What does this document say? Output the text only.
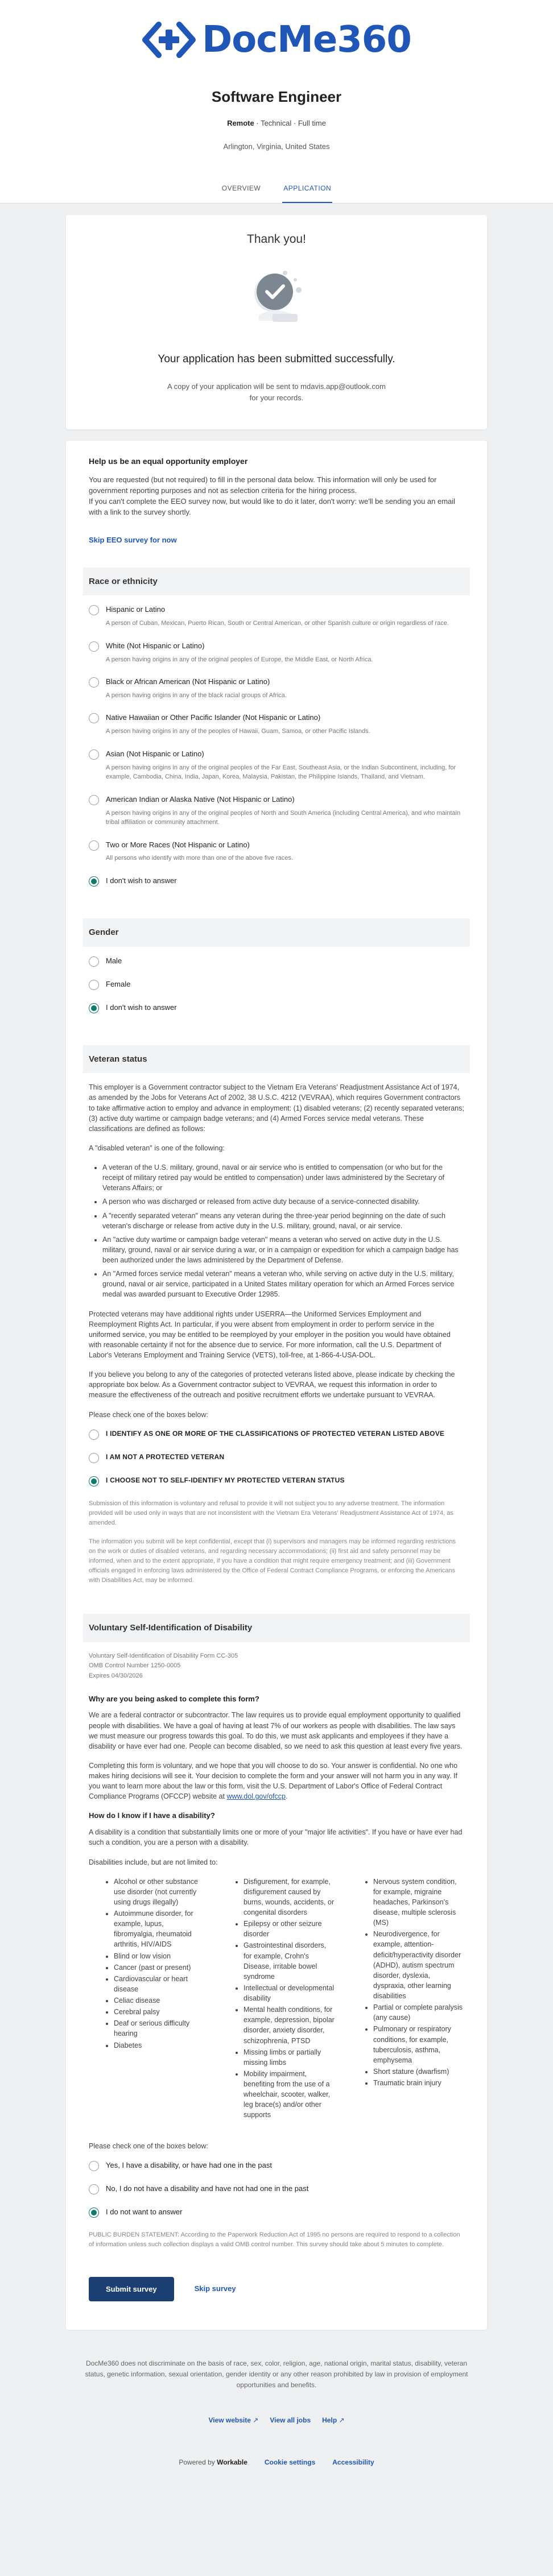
DocMe360
Software Engineer
Remote · Technical · Full time
Arlington, Virginia, United States
OVERVIEW	APPLICATION
Thank you!
Your application has been submitted successfully.

A copy of your application will be sent to mdavis.app@outlook.com
for your records.

Help us be an equal opportunity employer

You are requested (but not required) to fill in the personal data below. This information will only be used for government reporting purposes and not as selection criteria for the hiring process.

If you can't complete the EEO survey now, but would like to do it later, don't worry: we'll be sending you an email with a link to the survey shortly.

Skip EEO survey for now
Race or ethnicity
Hispanic or Latino
A person of Cuban, Mexican, Puerto Rican, South or Central American, or other Spanish culture or origin regardless of race.
White (Not Hispanic or Latino)
A person having origins in any of the original peoples of Europe, the Middle East, or North Africa.
Black or African American (Not Hispanic or Latino)
A person having origins in any of the black racial groups of Africa.
Native Hawaiian or Other Pacific Islander (Not Hispanic or Latino)
A person having origins in any of the peoples of Hawaii, Guam, Samoa, or other Pacific Islands.
Asian (Not Hispanic or Latino)
A person having origins in any of the original peoples of the Far East, Southeast Asia, or the Indian Subcontinent, including, for example, Cambodia, China, India, Japan, Korea, Malaysia, Pakistan, the Philippine Islands, Thailand, and Vietnam.
American Indian or Alaska Native (Not Hispanic or Latino)
A person having origins in any of the original peoples of North and South America (including Central America), and who maintain tribal affiliation or community attachment.
Two or More Races (Not Hispanic or Latino)
All persons who identify with more than one of the above five races.
I don't wish to answer
Gender
Male
Female
I don't wish to answer
Veteran status

This employer is a Government contractor subject to the Vietnam Era Veterans' Readjustment Assistance Act of 1974, as amended by the Jobs for Veterans Act of 2002, 38 U.S.C. 4212 (VEVRAA), which requires Government contractors to take affirmative action to employ and advance in employment: (1) disabled veterans; (2) recently separated veterans; (3) active duty wartime or campaign badge veterans; and (4) Armed Forces service medal veterans. These classifications are defined as follows:

A "disabled veteran" is one of the following:

• A veteran of the U.S. military, ground, naval or air service who is entitled to compensation (or who but for the receipt of military retired pay would be entitled to compensation) under laws administered by the Secretary of Veterans Affairs; or
• A person who was discharged or released from active duty because of a service-connected disability.
• A "recently separated veteran" means any veteran during the three-year period beginning on the date of such veteran's discharge or release from active duty in the U.S. military, ground, naval, or air service.
• An "active duty wartime or campaign badge veteran" means a veteran who served on active duty in the U.S. military, ground, naval or air service during a war, or in a campaign or expedition for which a campaign badge has been authorized under the laws administered by the Department of Defense.
• An "Armed forces service medal veteran" means a veteran who, while serving on active duty in the U.S. military, ground, naval or air service, participated in a United States military operation for which an Armed Forces service medal was awarded pursuant to Executive Order 12985.

Protected veterans may have additional rights under USERRA—the Uniformed Services Employment and Reemployment Rights Act. In particular, if you were absent from employment in order to perform service in the uniformed service, you may be entitled to be reemployed by your employer in the position you would have obtained with reasonable certainty if not for the absence due to service. For more information, call the U.S. Department of Labor's Veterans Employment and Training Service (VETS), toll-free, at 1-866-4-USA-DOL.

If you believe you belong to any of the categories of protected veterans listed above, please indicate by checking the appropriate box below. As a Government contractor subject to VEVRAA, we request this information in order to measure the effectiveness of the outreach and positive recruitment efforts we undertake pursuant to VEVRAA.

Please check one of the boxes below:

I IDENTIFY AS ONE OR MORE OF THE CLASSIFICATIONS OF PROTECTED VETERAN LISTED ABOVE
I AM NOT A PROTECTED VETERAN
I CHOOSE NOT TO SELF-IDENTIFY MY PROTECTED VETERAN STATUS
Submission of this information is voluntary and refusal to provide it will not subject you to any adverse treatment. The information provided will be used only in ways that are not inconsistent with the Vietnam Era Veterans' Readjustment Assistance Act of 1974, as amended.
The information you submit will be kept confidential, except that (i) supervisors and managers may be informed regarding restrictions on the work or duties of disabled veterans, and regarding necessary accommodations; (ii) first aid and safety personnel may be informed, when and to the extent appropriate, if you have a condition that might require emergency treatment; and (iii) Government officials engaged in enforcing laws administered by the Office of Federal Contract Compliance Programs, or enforcing the Americans with Disabilities Act, may be informed.
Voluntary Self-Identification of Disability
Voluntary Self-Identification of Disability Form CC-305
OMB Control Number 1250-0005
Expires 04/30/2026
Why are you being asked to complete this form?

We are a federal contractor or subcontractor. The law requires us to provide equal employment opportunity to qualified people with disabilities. We have a goal of having at least 7% of our workers as people with disabilities. The law says we must measure our progress towards this goal. To do this, we must ask applicants and employees if they have a disability or have ever had one. People can become disabled, so we need to ask this question at least every five years.

Completing this form is voluntary, and we hope that you will choose to do so. Your answer is confidential. No one who makes hiring decisions will see it. Your decision to complete the form and your answer will not harm you in any way. If you want to learn more about the law or this form, visit the U.S. Department of Labor's Office of Federal Contract Compliance Programs (OFCCP) website at www.dol.gov/ofccp.

How do I know if I have a disability?

A disability is a condition that substantially limits one or more of your "major life activities". If you have or have ever had such a condition, you are a person with a disability.

Disabilities include, but are not limited to:

• Alcohol or other substance use disorder (not currently using drugs illegally)
• Autoimmune disorder, for example, lupus, fibromyalgia, rheumatoid arthritis, HIV/AIDS
• Blind or low vision
• Cancer (past or present)
• Cardiovascular or heart disease
• Celiac disease
• Cerebral palsy
• Deaf or serious difficulty hearing
• Diabetes
• Disfigurement, for example, disfigurement caused by burns, wounds, accidents, or congenital disorders
• Epilepsy or other seizure disorder
• Gastrointestinal disorders, for example, Crohn's Disease, irritable bowel syndrome
• Intellectual or developmental disability
• Mental health conditions, for example, depression, bipolar disorder, anxiety disorder, schizophrenia, PTSD
• Missing limbs or partially missing limbs
• Mobility impairment, benefiting from the use of a wheelchair, scooter, walker, leg brace(s) and/or other supports
• Nervous system condition, for example, migraine headaches, Parkinson's disease, multiple sclerosis (MS)
• Neurodivergence, for example, attention-deficit/hyperactivity disorder (ADHD), autism spectrum disorder, dyslexia, dyspraxia, other learning disabilities
• Partial or complete paralysis (any cause)
• Pulmonary or respiratory conditions, for example, tuberculosis, asthma, emphysema
• Short stature (dwarfism)
• Traumatic brain injury

Please check one of the boxes below:

Yes, I have a disability, or have had one in the past
No, I do not have a disability and have not had one in the past
I do not want to answer
PUBLIC BURDEN STATEMENT: According to the Paperwork Reduction Act of 1995 no persons are required to respond to a collection of information unless such collection displays a valid OMB control number. This survey should take about 5 minutes to complete.
Submit survey	Skip survey

DocMe360 does not discriminate on the basis of race, sex, color, religion, age, national origin, marital status, disability, veteran status, genetic information, sexual orientation, gender identity or any other reason prohibited by law in provision of employment opportunities and benefits.

View website ↗	View all jobs Help ↗
Powered by Workable	Cookie settings	Accessibility
